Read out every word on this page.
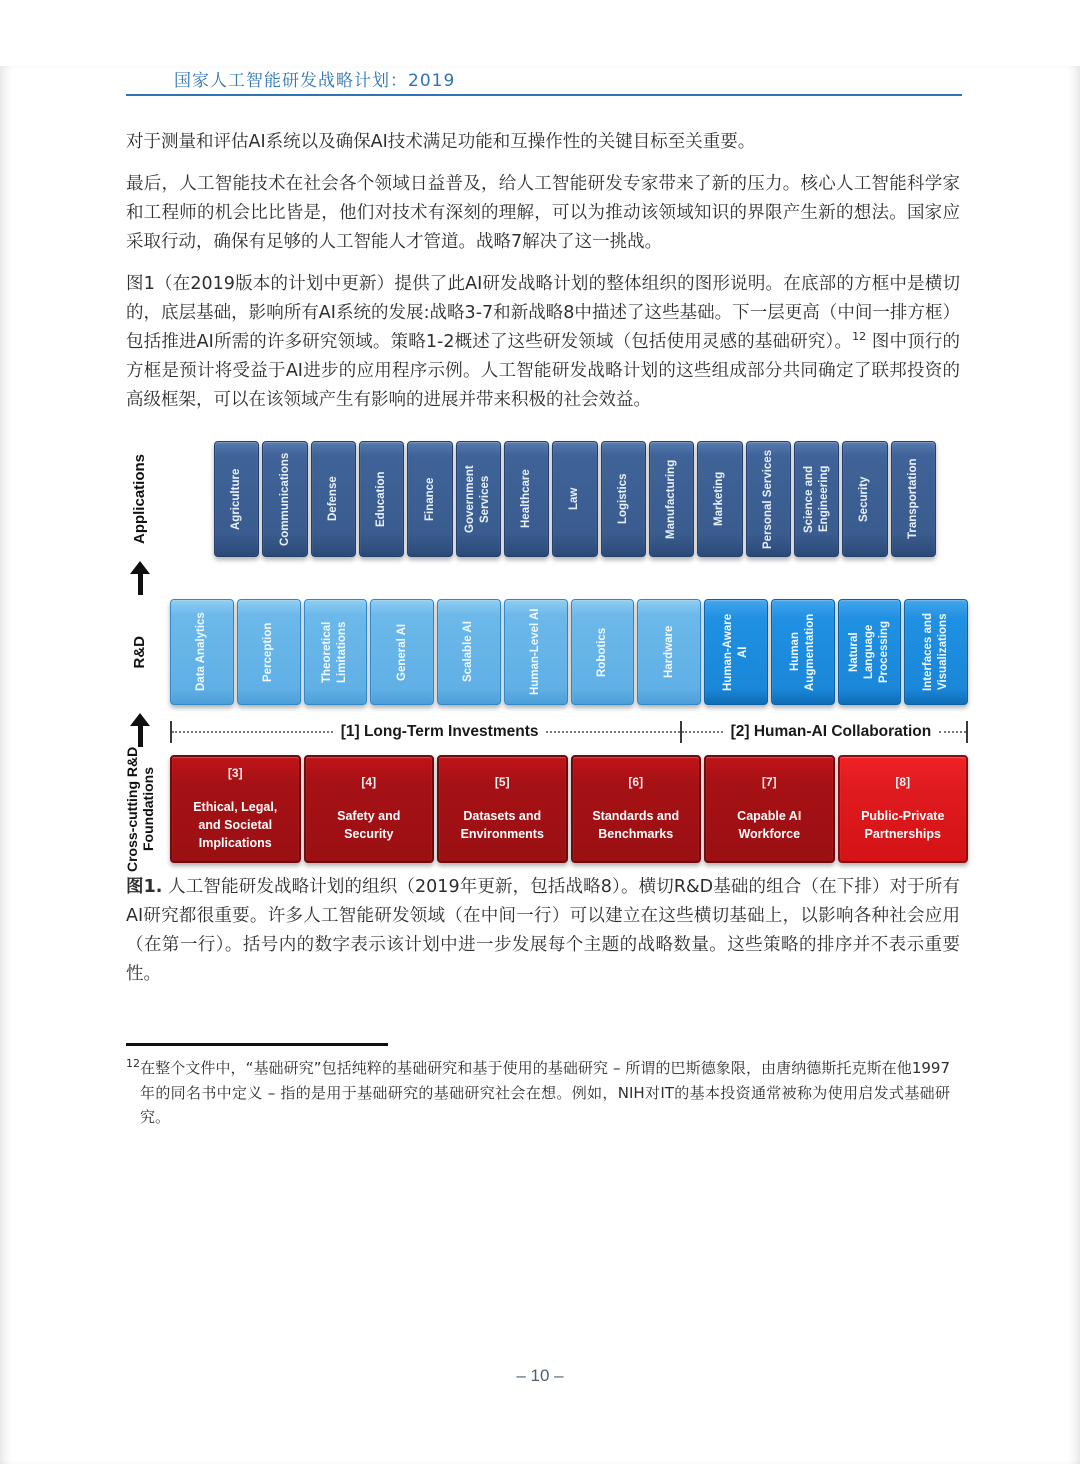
国家人工智能研发战略计划：2019

对于测量和评估AI系统以及确保AI技术满足功能和互操作性的关键目标至关重要。

最后，人工智能技术在社会各个领域日益普及，给人工智能研发专家带来了新的压力。核心人工智能科学家和工程师的机会比比皆是，他们对技术有深刻的理解，可以为推动该领域知识的界限产生新的想法。国家应采取行动，确保有足够的人工智能人才管道。战略7解决了这一挑战。

图1（在2019版本的计划中更新）提供了此AI研发战略计划的整体组织的图形说明。在底部的方框中是横切的，底层基础，影响所有AI系统的发展:战略3-7和新战略8中描述了这些基础。下一层更高（中间一排方框）包括推进AI所需的许多研究领域。策略1-2概述了这些研发领域（包括使用灵感的基础研究）。$^{12}$ 图中顶行的方框是预计将受益于AI进步的应用程序示例。人工智能研发战略计划的这些组成部分共同确定了联邦投资的高级框架，可以在该领域产生有影响的进展并带来积极的社会效益。

Applications	Agriculture	Communications	Defense	Education	Finance	Government Services	Healthcare	Law	Logistics	Manufacturing	Marketing	Personal Services	Science and Engineering	Security	Transportation
R&D	Data Analytics	Perception	Theoretical Limitations	General AI	Scalable AI	Human-Level AI	Robotics	Hardware	Human-Aware AI	Human Augmentation	Natural Language Processing	Interfaces and Visualizations
[1] Long-Term Investments	[2] Human-AI Collaboration
Cross-cutting R&D Foundations	[3]
Ethical, Legal, and Societal Implications
[4]
Safety and Security
[5]
Datasets and Environments
[6]
Standards and Benchmarks
[7]
Capable AI Workforce
[8]
Public-Private Partnerships

图1. 人工智能研发战略计划的组织（2019年更新，包括战略8）。横切R&D基础的组合（在下排）对于所有AI研究都很重要。许多人工智能研发领域（在中间一行）可以建立在这些横切基础上，以影响各种社会应用（在第一行）。括号内的数字表示该计划中进一步发展每个主题的战略数量。这些策略的排序并不表示重要性。

$^{12}$在整个文件中，“基础研究”包括纯粹的基础研究和基于使用的基础研究 – 所谓的巴斯德象限，由唐纳德斯托克斯在他1997年的同名书中定义 – 指的是用于基础研究的基础研究社会在想。例如，NIH对IT的基本投资通常被称为使用启发式基础研究。

– 10 –
